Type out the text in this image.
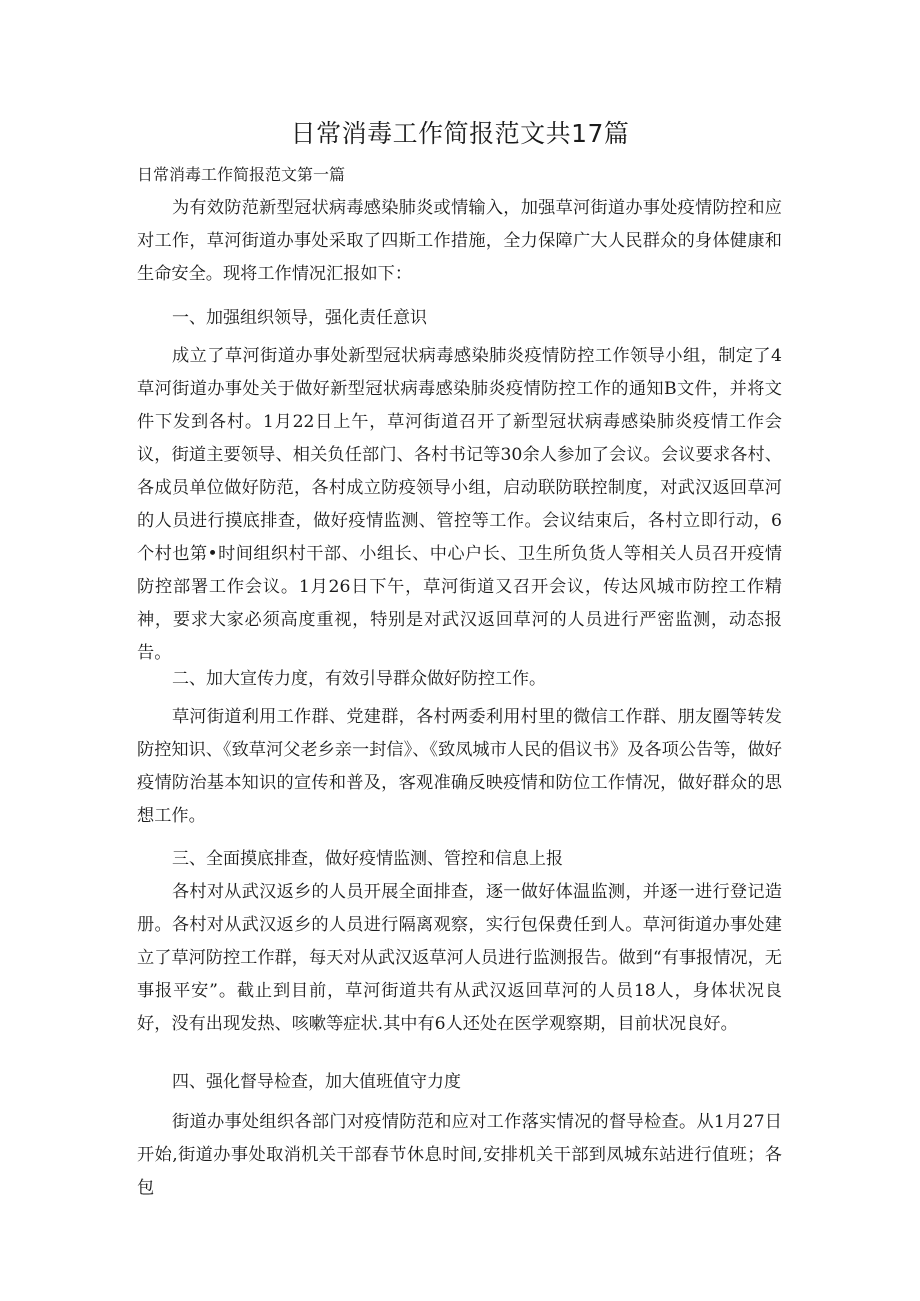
日常消毒工作简报范文共17篇

日常消毒工作简报范文第一篇

为有效防范新型冠状病毒感染肺炎或情输入，加强草河街道办事处疫情防控和应对工作，草河街道办事处采取了四斯工作措施，全力保障广大人民群众的身体健康和生命安全。现将工作情况汇报如下：

一、加强组织领导，强化责任意识

成立了草河街道办事处新型冠状病毒感染肺炎疫情防控工作领导小组，制定了4草河街道办事处关于做好新型冠状病毒感染肺炎疫情防控工作的通知B文件，并将文件下发到各村。1月22日上午，草河街道召开了新型冠状病毒感染肺炎疫情工作会议，街道主要领导、相关负任部门、各村书记等30余人参加了会议。会议要求各村、各成员单位做好防范，各村成立防疫领导小组，启动联防联控制度，对武汉返回草河的人员进行摸底排查，做好疫情监测、管控等工作。会议结束后，各村立即行动，6个村也第•时间组织村干部、小组长、中心户长、卫生所负货人等相关人员召开疫情防控部署工作会议。1月26日下午，草河街道又召开会议，传达风城市防控工作精神，要求大家必须高度重视，特别是对武汉返回草河的人员进行严密监测，动态报告。

二、加大宣传力度，有效引导群众做好防控工作。

草河街道利用工作群、党建群，各村两委利用村里的微信工作群、朋友圈等转发防控知识、《致草河父老乡亲一封信》、《致凤城市人民的倡议书》及各项公告等，做好疫情防治基本知识的宣传和普及，客观准确反映疫情和防位工作情况，做好群众的思想工作。

三、全面摸底排查，做好疫情监测、管控和信息上报

各村对从武汉返乡的人员开展全面排查，逐一做好体温监测，并逐一进行登记造册。各村对从武汉返乡的人员进行隔离观察，实行包保费任到人。草河街道办事处建立了草河防控工作群，每天对从武汉返草河人员进行监测报告。做到“有事报情况，无事报平安”。截止到目前，草河街道共有从武汉返回草河的人员18人，身体状况良好，没有出现发热、咳嗽等症状.其中有6人还处在医学观察期，目前状况良好。

四、强化督导检查，加大值班值守力度

街道办事处组织各部门对疫情防范和应对工作落实情况的督导检查。从1月27日开始,街道办事处取消机关干部春节休息时间,安排机关干部到凤城东站进行值班；各包
